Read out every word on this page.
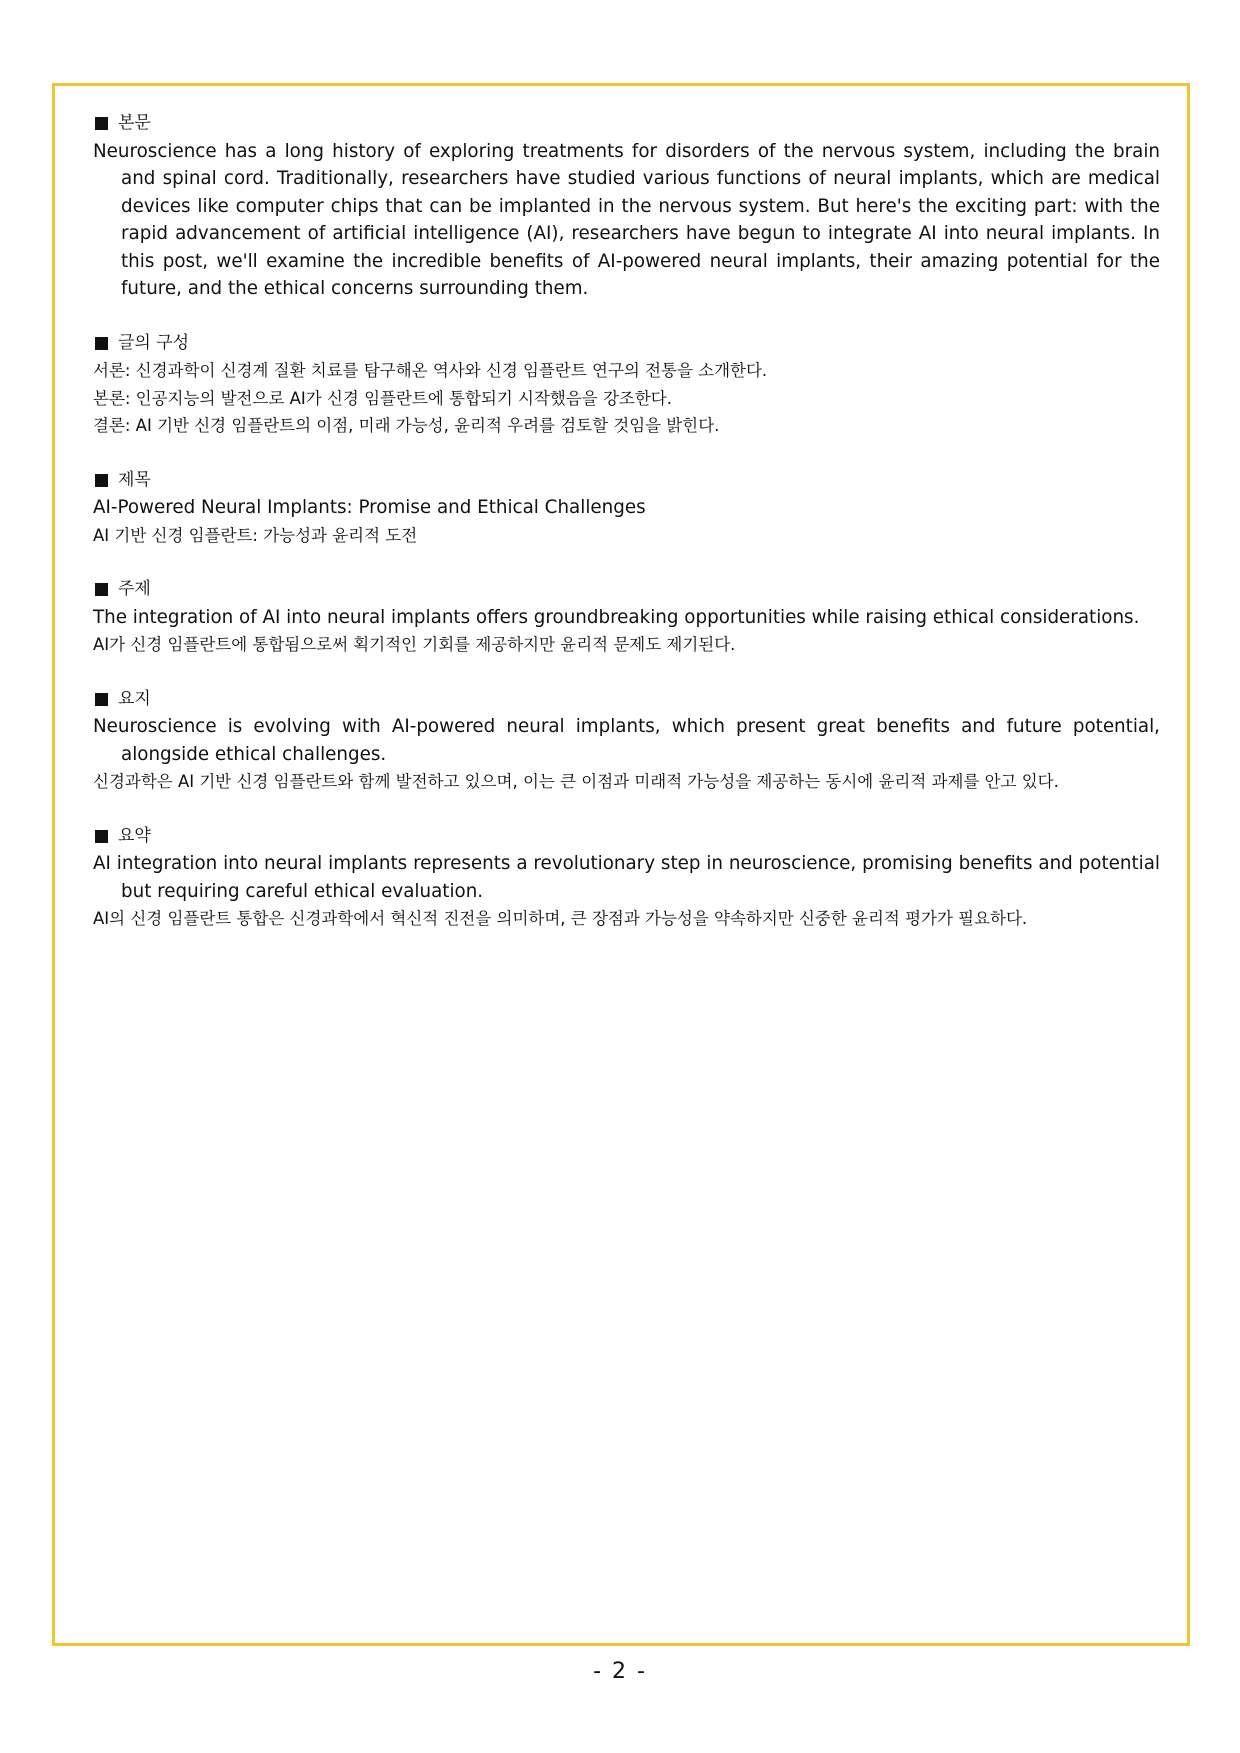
본문

Neuroscience has a long history of exploring treatments for disorders of the nervous system, including the brain and spinal cord. Traditionally, researchers have studied various functions of neural implants, which are medical devices like computer chips that can be implanted in the nervous system. But here's the exciting part: with the rapid advancement of artificial intelligence (AI), researchers have begun to integrate AI into neural implants. In this post, we'll examine the incredible benefits of AI-powered neural implants, their amazing potential for the future, and the ethical concerns surrounding them.

글의 구성

서론: 신경과학이 신경계 질환 치료를 탐구해온 역사와 신경 임플란트 연구의 전통을 소개한다.

본론: 인공지능의 발전으로 AI가 신경 임플란트에 통합되기 시작했음을 강조한다.

결론: AI 기반 신경 임플란트의 이점, 미래 가능성, 윤리적 우려를 검토할 것임을 밝힌다.

제목

AI-Powered Neural Implants: Promise and Ethical Challenges

AI 기반 신경 임플란트: 가능성과 윤리적 도전

주제

The integration of AI into neural implants offers groundbreaking opportunities while raising ethical considerations.

AI가 신경 임플란트에 통합됨으로써 획기적인 기회를 제공하지만 윤리적 문제도 제기된다.

요지

Neuroscience is evolving with AI-powered neural implants, which present great benefits and future potential, alongside ethical challenges.

신경과학은 AI 기반 신경 임플란트와 함께 발전하고 있으며, 이는 큰 이점과 미래적 가능성을 제공하는 동시에 윤리적 과제를 안고 있다.

요약

AI integration into neural implants represents a revolutionary step in neuroscience, promising benefits and potential but requiring careful ethical evaluation.

AI의 신경 임플란트 통합은 신경과학에서 혁신적 진전을 의미하며, 큰 장점과 가능성을 약속하지만 신중한 윤리적 평가가 필요하다.

- 2 -
